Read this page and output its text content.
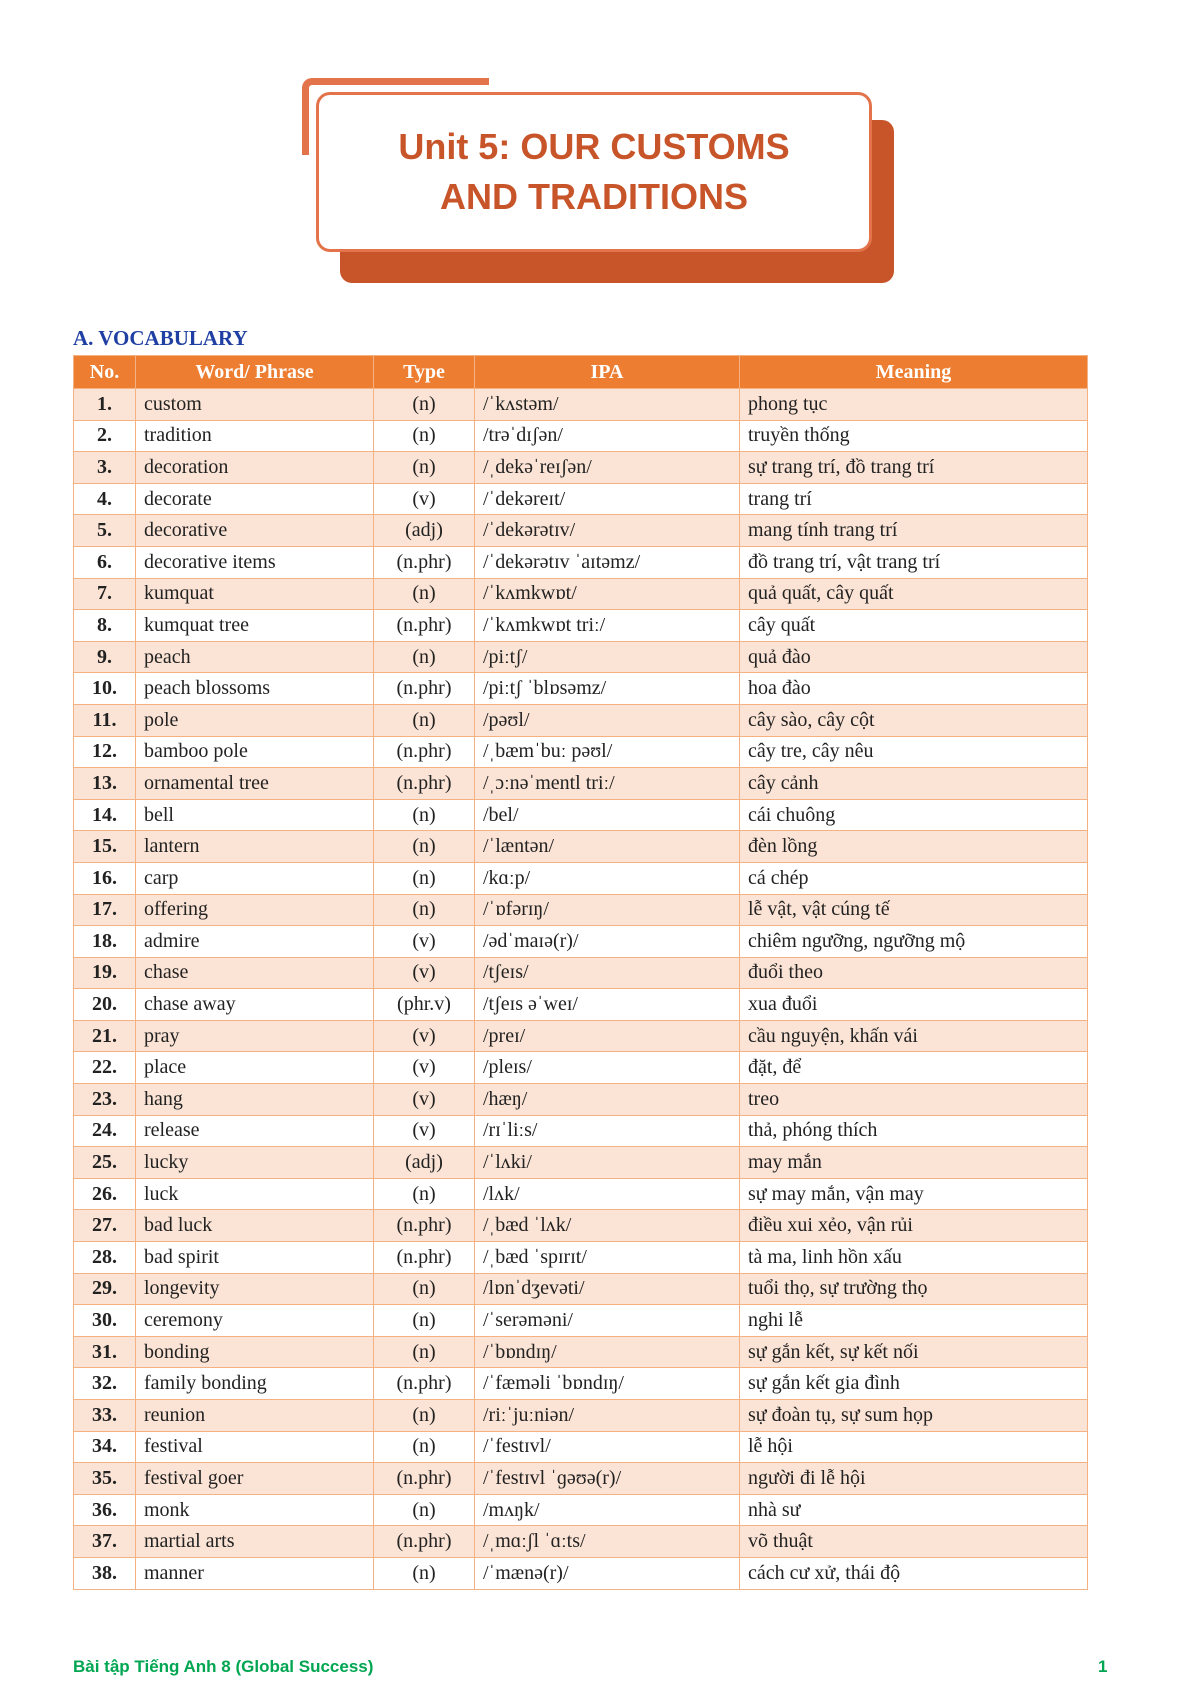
Unit 5: OUR CUSTOMS AND TRADITIONS
A. VOCABULARY
No.	Word/ Phrase	Type	IPA	Meaning
1.	custom	(n)	/ˈkʌstəm/	phong tục
2.	tradition	(n)	/trəˈdɪʃən/	truyền thống
3.	decoration	(n)	/ˌdekəˈreɪʃən/	sự trang trí, đồ trang trí
4.	decorate	(v)	/ˈdekəreɪt/	trang trí
5.	decorative	(adj)	/ˈdekərətɪv/	mang tính trang trí
6.	decorative items	(n.phr)	/ˈdekərətɪv ˈaɪtəmz/	đồ trang trí, vật trang trí
7.	kumquat	(n)	/ˈkʌmkwɒt/	quả quất, cây quất
8.	kumquat tree	(n.phr)	/ˈkʌmkwɒt triː/	cây quất
9.	peach	(n)	/piːtʃ/	quả đào
10.	peach blossoms	(n.phr)	/piːtʃ ˈblɒsəmz/	hoa đào
11.	pole	(n)	/pəʊl/	cây sào, cây cột
12.	bamboo pole	(n.phr)	/ˌbæmˈbuː pəʊl/	cây tre, cây nêu
13.	ornamental tree	(n.phr)	/ˌɔːnəˈmentl triː/	cây cảnh
14.	bell	(n)	/bel/	cái chuông
15.	lantern	(n)	/ˈlæntən/	đèn lồng
16.	carp	(n)	/kɑːp/	cá chép
17.	offering	(n)	/ˈɒfərɪŋ/	lễ vật, vật cúng tế
18.	admire	(v)	/ədˈmaɪə(r)/	chiêm ngưỡng, ngưỡng mộ
19.	chase	(v)	/tʃeɪs/	đuổi theo
20.	chase away	(phr.v)	/tʃeɪs əˈweɪ/	xua đuổi
21.	pray	(v)	/preɪ/	cầu nguyện, khấn vái
22.	place	(v)	/pleɪs/	đặt, để
23.	hang	(v)	/hæŋ/	treo
24.	release	(v)	/rɪˈliːs/	thả, phóng thích
25.	lucky	(adj)	/ˈlʌki/	may mắn
26.	luck	(n)	/lʌk/	sự may mắn, vận may
27.	bad luck	(n.phr)	/ˌbæd ˈlʌk/	điều xui xẻo, vận rủi
28.	bad spirit	(n.phr)	/ˌbæd ˈspɪrɪt/	tà ma, linh hồn xấu
29.	longevity	(n)	/lɒnˈdʒevəti/	tuổi thọ, sự trường thọ
30.	ceremony	(n)	/ˈserəməni/	nghi lễ
31.	bonding	(n)	/ˈbɒndɪŋ/	sự gắn kết, sự kết nối
32.	family bonding	(n.phr)	/ˈfæməli ˈbɒndɪŋ/	sự gắn kết gia đình
33.	reunion	(n)	/riːˈjuːniən/	sự đoàn tụ, sự sum họp
34.	festival	(n)	/ˈfestɪvl/	lễ hội
35.	festival goer	(n.phr)	/ˈfestɪvl ˈɡəʊə(r)/	người đi lễ hội
36.	monk	(n)	/mʌŋk/	nhà sư
37.	martial arts	(n.phr)	/ˌmɑːʃl ˈɑːts/	võ thuật
38.	manner	(n)	/ˈmænə(r)/	cách cư xử, thái độ
Bài tập Tiếng Anh 8 (Global Success)	1
